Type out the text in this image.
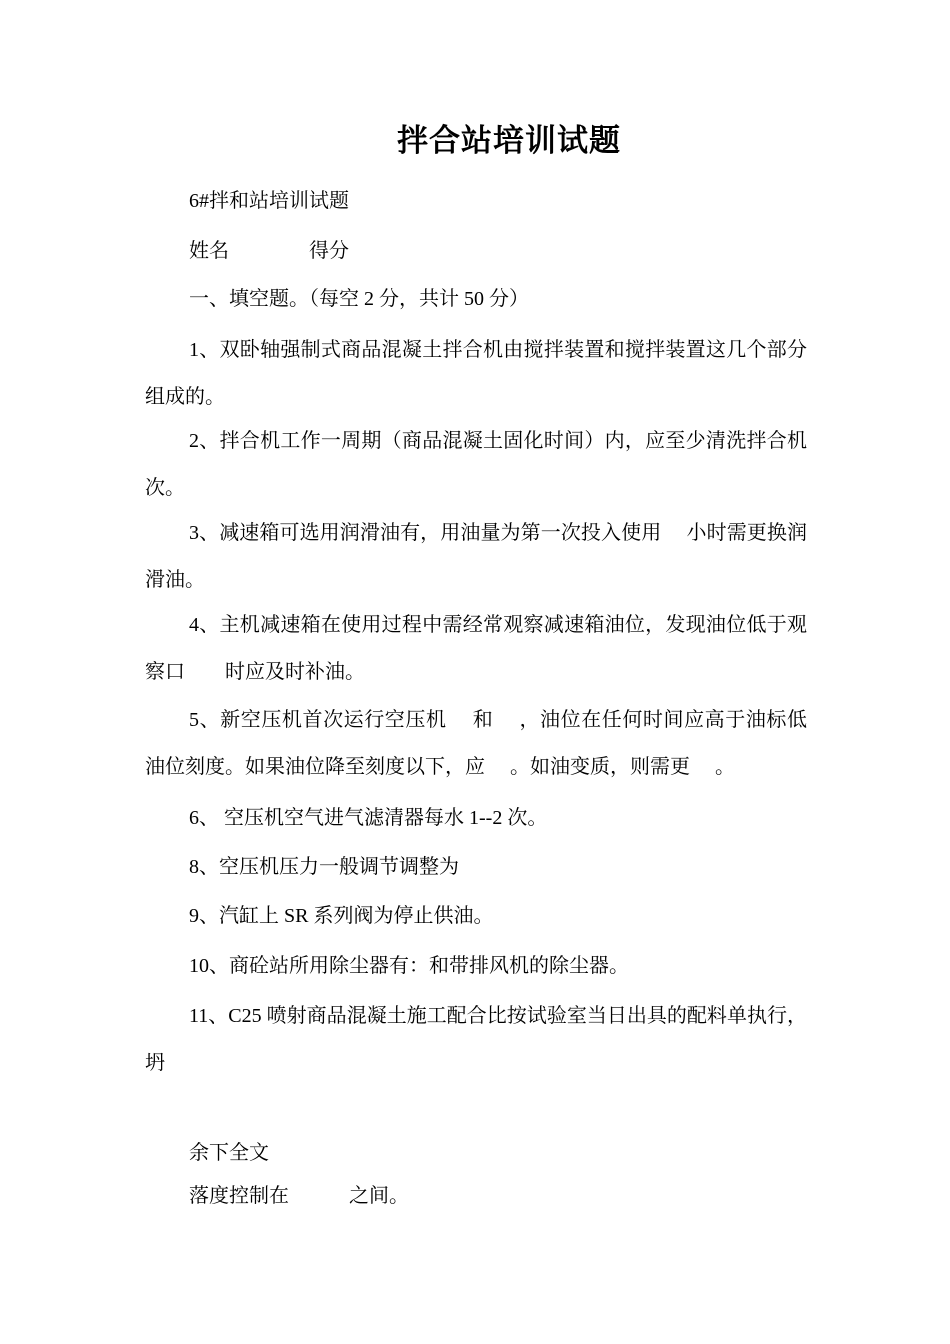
拌合站培训试题
6#拌和站培训试题
姓名	得分
一、填空题。（每空 2 分，共计 50 分）

1、双卧轴强制式商品混凝土拌合机由搅拌装置和搅拌装置这几个部分组成的。

2、拌合机工作一周期（商品混凝土固化时间）内，应至少清洗拌合机次。

3、减速箱可选用润滑油有，用油量为第一次投入使用　 小时需更换润滑油。

4、主机减速箱在使用过程中需经常观察减速箱油位，发现油位低于观察口　　时应及时补油。

5、新空压机首次运行空压机　 和　 ，油位在任何时间应高于油标低油位刻度。如果油位降至刻度以下，应　 。如油变质，则需更　 。

6、 空压机空气进气滤清器每水 1--2 次。

8、空压机压力一般调节调整为

9、汽缸上 SR 系列阀为停止供油。

10、商砼站所用除尘器有：和带排风机的除尘器。

11、C25 喷射商品混凝土施工配合比按试验室当日出具的配料单执行，坍

余下全文
落度控制在　　　之间。
